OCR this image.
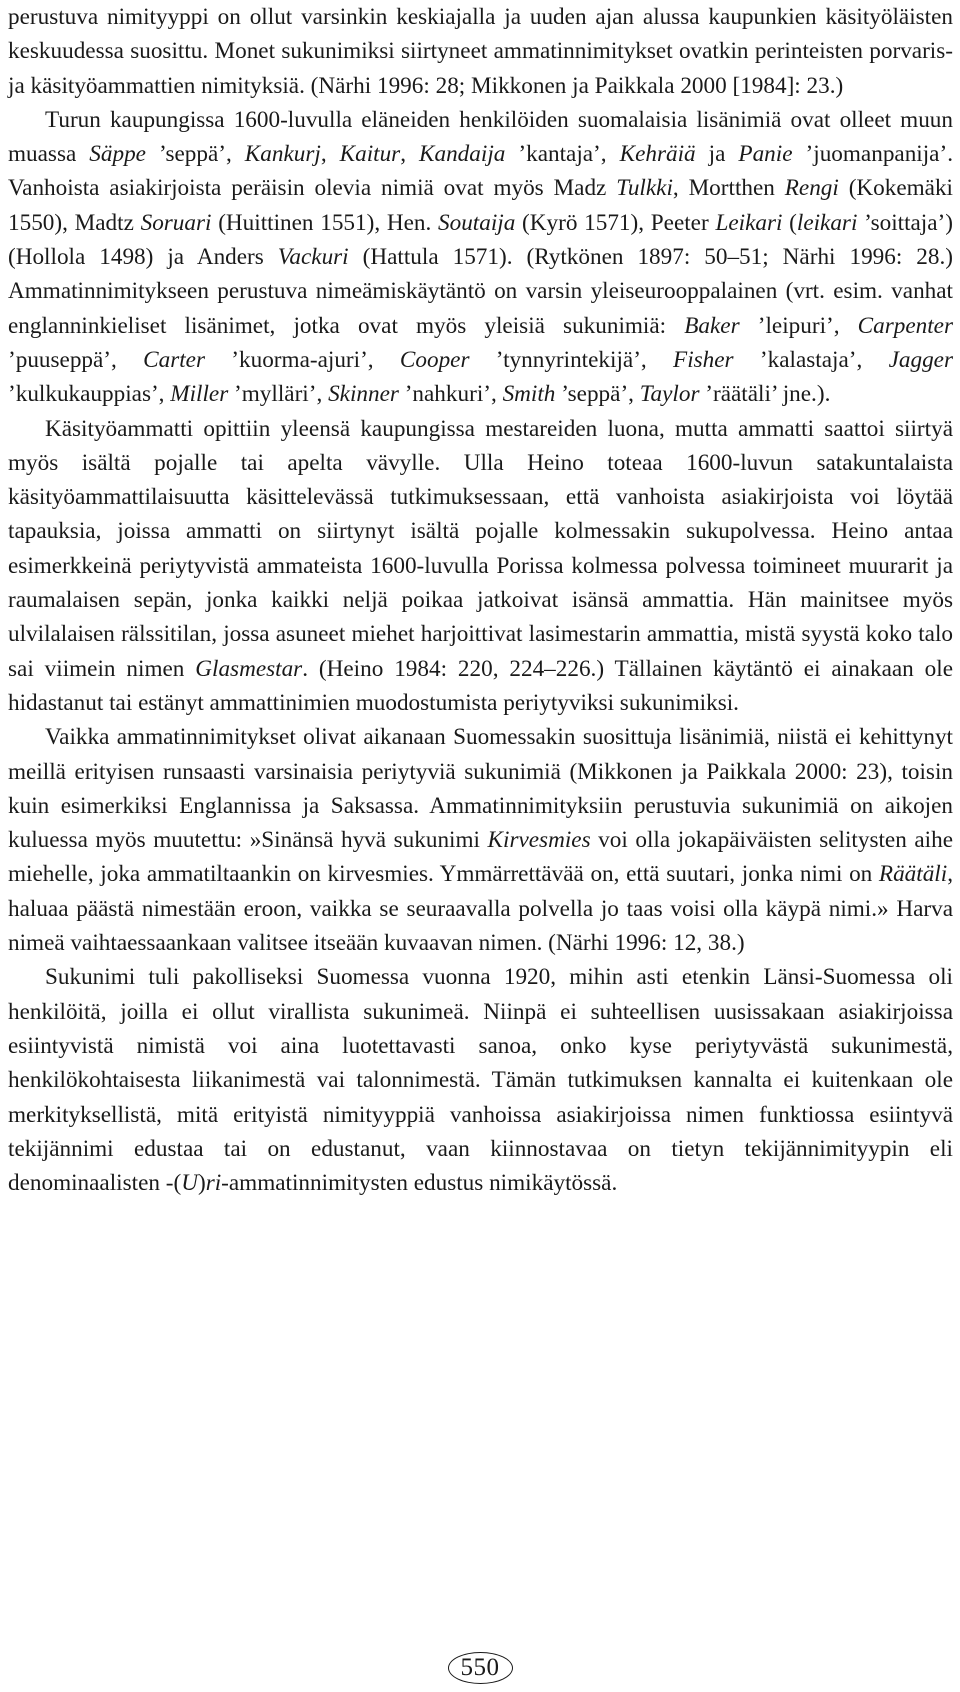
perustuva nimityyppi on ollut varsinkin keskiajalla ja uuden ajan alussa kaupunkien käsityöläisten keskuudessa suosittu. Monet sukunimiksi siirtyneet ammatinnimitykset ovatkin perinteisten porvaris- ja käsityöammattien nimityksiä. (Närhi 1996: 28; Mikkonen ja Paikkala 2000 [1984]: 23.)

Turun kaupungissa 1600-luvulla eläneiden henkilöiden suomalaisia lisänimiä ovat olleet muun muassa Säppe ’seppä’, Kankurj, Kaitur, Kandaija ’kantaja’, Kehräiä ja Panie ’juomanpanija’. Vanhoista asiakirjoista peräisin olevia nimiä ovat myös Madz Tulkki, Mortthen Rengi (Kokemäki 1550), Madtz Soruari (Huittinen 1551), Hen. Soutaija (Kyrö 1571), Peeter Leikari (leikari ’soittaja’) (Hollola 1498) ja Anders Vackuri (Hattula 1571). (Rytkönen 1897: 50–51; Närhi 1996: 28.) Ammatinnimitykseen perustuva nimeämiskäytäntö on varsin yleiseurooppalainen (vrt. esim. vanhat englanninkieliset lisänimet, jotka ovat myös yleisiä sukunimiä: Baker ’leipuri’, Carpenter ’puuseppä’, Carter ’kuorma-ajuri’, Cooper ’tynnyrintekijä’, Fisher ’kalastaja’, Jagger ’kulkukauppias’, Miller ’mylläri’, Skinner ’nahkuri’, Smith ’seppä’, Taylor ’räätäli’ jne.).

Käsityöammatti opittiin yleensä kaupungissa mestareiden luona, mutta ammatti saattoi siirtyä myös isältä pojalle tai apelta vävylle. Ulla Heino toteaa 1600-luvun satakuntalaista käsityöammattilaisuutta käsittelevässä tutkimuksessaan, että vanhoista asiakirjoista voi löytää tapauksia, joissa ammatti on siirtynyt isältä pojalle kolmessakin sukupolvessa. Heino antaa esimerkkeinä periytyvistä ammateista 1600-luvulla Porissa kolmessa polvessa toimineet muurarit ja raumalaisen sepän, jonka kaikki neljä poikaa jatkoivat isänsä ammattia. Hän mainitsee myös ulvilalaisen rälssitilan, jossa asuneet miehet harjoittivat lasimestarin ammattia, mistä syystä koko talo sai viimein nimen Glasmestar. (Heino 1984: 220, 224–226.) Tällainen käytäntö ei ainakaan ole hidastanut tai estänyt ammattinimien muodostumista periytyviksi sukunimiksi.

Vaikka ammatinnimitykset olivat aikanaan Suomessakin suosittuja lisänimiä, niistä ei kehittynyt meillä erityisen runsaasti varsinaisia periytyviä sukunimiä (Mikkonen ja Paikkala 2000: 23), toisin kuin esimerkiksi Englannissa ja Saksassa. Ammatinnimityksiin perustuvia sukunimiä on aikojen kuluessa myös muutettu: »Sinänsä hyvä sukunimi Kirvesmies voi olla jokapäiväisten selitysten aihe miehelle, joka ammatiltaankin on kirvesmies. Ymmärrettävää on, että suutari, jonka nimi on Räätäli, haluaa päästä nimestään eroon, vaikka se seuraavalla polvella jo taas voisi olla käypä nimi.» Harva nimeä vaihtaessaankaan valitsee itseään kuvaavan nimen. (Närhi 1996: 12, 38.)

Sukunimi tuli pakolliseksi Suomessa vuonna 1920, mihin asti etenkin Länsi-Suomessa oli henkilöitä, joilla ei ollut virallista sukunimeä. Niinpä ei suhteellisen uusissakaan asiakirjoissa esiintyvistä nimistä voi aina luotettavasti sanoa, onko kyse periytyvästä sukunimestä, henkilökohtaisesta liikanimestä vai talonnimestä. Tämän tutkimuksen kannalta ei kuitenkaan ole merkityksellistä, mitä erityistä nimityyppiä vanhoissa asiakirjoissa nimen funktiossa esiintyvä tekijännimi edustaa tai on edustanut, vaan kiinnostavaa on tietyn tekijännimityypin eli denominaalisten -(U)ri-ammatinnimitysten edustus nimikäytössä.

550
